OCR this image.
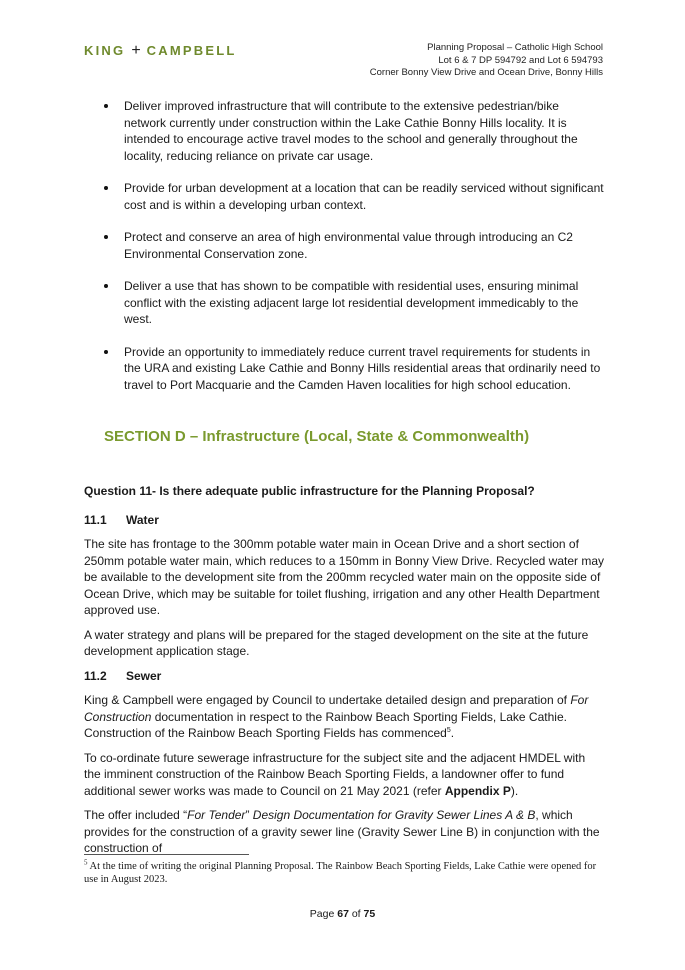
KING + CAMPBELL	Planning Proposal – Catholic High School
Lot 6 & 7 DP 594792 and Lot 6 594793
Corner Bonny View Drive and Ocean Drive, Bonny Hills
Deliver improved infrastructure that will contribute to the extensive pedestrian/bike network currently under construction within the Lake Cathie Bonny Hills locality. It is intended to encourage active travel modes to the school and generally throughout the locality, reducing reliance on private car usage.
Provide for urban development at a location that can be readily serviced without significant cost and is within a developing urban context.
Protect and conserve an area of high environmental value through introducing an C2 Environmental Conservation zone.
Deliver a use that has shown to be compatible with residential uses, ensuring minimal conflict with the existing adjacent large lot residential development immedicably to the west.
Provide an opportunity to immediately reduce current travel requirements for students in the URA and existing Lake Cathie and Bonny Hills residential areas that ordinarily need to travel to Port Macquarie and the Camden Haven localities for high school education.
SECTION D – Infrastructure (Local, State & Commonwealth)

Question 11- Is there adequate public infrastructure for the Planning Proposal?

11.1 Water

The site has frontage to the 300mm potable water main in Ocean Drive and a short section of 250mm potable water main, which reduces to a 150mm in Bonny View Drive. Recycled water may be available to the development site from the 200mm recycled water main on the opposite side of Ocean Drive, which may be suitable for toilet flushing, irrigation and any other Health Department approved use.

A water strategy and plans will be prepared for the staged development on the site at the future development application stage.

11.2 Sewer

King & Campbell were engaged by Council to undertake detailed design and preparation of For Construction documentation in respect to the Rainbow Beach Sporting Fields, Lake Cathie. Construction of the Rainbow Beach Sporting Fields has commenced$^5$.

To co-ordinate future sewerage infrastructure for the subject site and the adjacent HMDEL with the imminent construction of the Rainbow Beach Sporting Fields, a landowner offer to fund additional sewer works was made to Council on 21 May 2021 (refer Appendix P).

The offer included “For Tender” Design Documentation for Gravity Sewer Lines A & B, which provides for the construction of a gravity sewer line (Gravity Sewer Line B) in conjunction with the construction of

$^5$ At the time of writing the original Planning Proposal. The Rainbow Beach Sporting Fields, Lake Cathie were opened for use in August 2023.
Page 67 of 75
